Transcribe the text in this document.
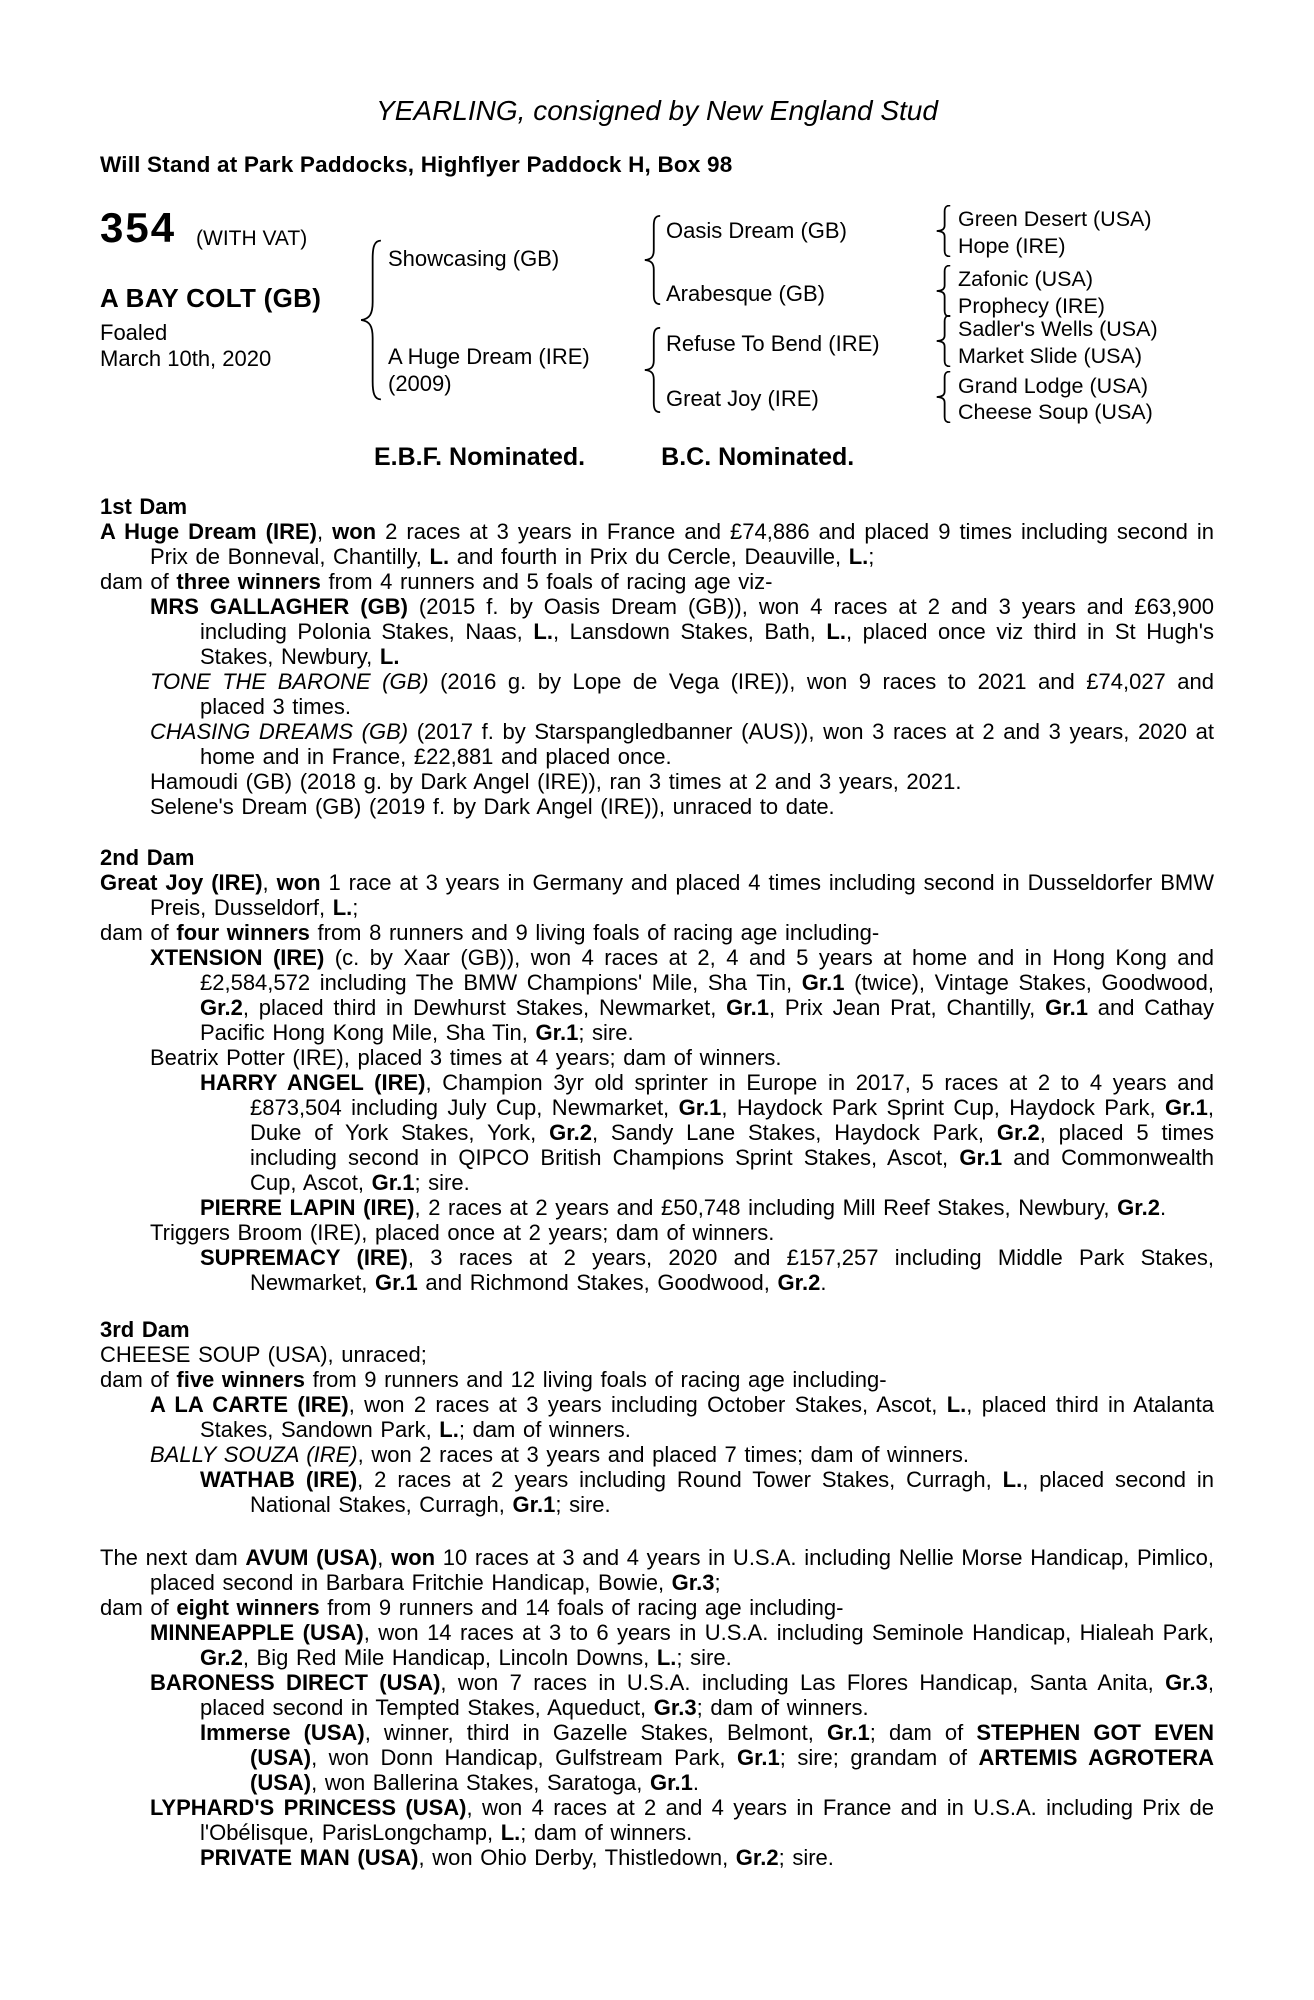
YEARLING, consigned by New England Stud
Will Stand at Park Paddocks, Highflyer Paddock H, Box 98
354 (WITH VAT)
A BAY COLT (GB)
Foaled
March 10th, 2020
Showcasing (GB)
A Huge Dream (IRE)
(2009)
Oasis Dream (GB)
Arabesque (GB)
Refuse To Bend (IRE)
Great Joy (IRE)
Green Desert (USA)
Hope (IRE)
Zafonic (USA)
Prophecy (IRE)
Sadler's Wells (USA)
Market Slide (USA)
Grand Lodge (USA)
Cheese Soup (USA)
E.B.F. Nominated.	B.C. Nominated.
1st Dam

A Huge Dream (IRE), won 2 races at 3 years in France and £74,886 and placed 9 times including second in Prix de Bonneval, Chantilly, L. and fourth in Prix du Cercle, Deauville, L.;

dam of three winners from 4 runners and 5 foals of racing age viz-

MRS GALLAGHER (GB) (2015 f. by Oasis Dream (GB)), won 4 races at 2 and 3 years and £63,900 including Polonia Stakes, Naas, L., Lansdown Stakes, Bath, L., placed once viz third in St Hugh's Stakes, Newbury, L.

TONE THE BARONE (GB) (2016 g. by Lope de Vega (IRE)), won 9 races to 2021 and £74,027 and placed 3 times.

CHASING DREAMS (GB) (2017 f. by Starspangledbanner (AUS)), won 3 races at 2 and 3 years, 2020 at home and in France, £22,881 and placed once.

Hamoudi (GB) (2018 g. by Dark Angel (IRE)), ran 3 times at 2 and 3 years, 2021.

Selene's Dream (GB) (2019 f. by Dark Angel (IRE)), unraced to date.

2nd Dam

Great Joy (IRE), won 1 race at 3 years in Germany and placed 4 times including second in Dusseldorfer BMW Preis, Dusseldorf, L.;

dam of four winners from 8 runners and 9 living foals of racing age including-

XTENSION (IRE) (c. by Xaar (GB)), won 4 races at 2, 4 and 5 years at home and in Hong Kong and £2,584,572 including The BMW Champions' Mile, Sha Tin, Gr.1 (twice), Vintage Stakes, Goodwood, Gr.2, placed third in Dewhurst Stakes, Newmarket, Gr.1, Prix Jean Prat, Chantilly, Gr.1 and Cathay Pacific Hong Kong Mile, Sha Tin, Gr.1; sire.

Beatrix Potter (IRE), placed 3 times at 4 years; dam of winners.

HARRY ANGEL (IRE), Champion 3yr old sprinter in Europe in 2017, 5 races at 2 to 4 years and £873,504 including July Cup, Newmarket, Gr.1, Haydock Park Sprint Cup, Haydock Park, Gr.1, Duke of York Stakes, York, Gr.2, Sandy Lane Stakes, Haydock Park, Gr.2, placed 5 times including second in QIPCO British Champions Sprint Stakes, Ascot, Gr.1 and Commonwealth Cup, Ascot, Gr.1; sire.

PIERRE LAPIN (IRE), 2 races at 2 years and £50,748 including Mill Reef Stakes, Newbury, Gr.2.

Triggers Broom (IRE), placed once at 2 years; dam of winners.

SUPREMACY (IRE), 3 races at 2 years, 2020 and £157,257 including Middle Park Stakes, Newmarket, Gr.1 and Richmond Stakes, Goodwood, Gr.2.

3rd Dam

CHEESE SOUP (USA), unraced;

dam of five winners from 9 runners and 12 living foals of racing age including-

A LA CARTE (IRE), won 2 races at 3 years including October Stakes, Ascot, L., placed third in Atalanta Stakes, Sandown Park, L.; dam of winners.

BALLY SOUZA (IRE), won 2 races at 3 years and placed 7 times; dam of winners.

WATHAB (IRE), 2 races at 2 years including Round Tower Stakes, Curragh, L., placed second in National Stakes, Curragh, Gr.1; sire.

The next dam AVUM (USA), won 10 races at 3 and 4 years in U.S.A. including Nellie Morse Handicap, Pimlico, placed second in Barbara Fritchie Handicap, Bowie, Gr.3;

dam of eight winners from 9 runners and 14 foals of racing age including-

MINNEAPPLE (USA), won 14 races at 3 to 6 years in U.S.A. including Seminole Handicap, Hialeah Park, Gr.2, Big Red Mile Handicap, Lincoln Downs, L.; sire.

BARONESS DIRECT (USA), won 7 races in U.S.A. including Las Flores Handicap, Santa Anita, Gr.3, placed second in Tempted Stakes, Aqueduct, Gr.3; dam of winners.

Immerse (USA), winner, third in Gazelle Stakes, Belmont, Gr.1; dam of STEPHEN GOT EVEN (USA), won Donn Handicap, Gulfstream Park, Gr.1; sire; grandam of ARTEMIS AGROTERA (USA), won Ballerina Stakes, Saratoga, Gr.1.

LYPHARD'S PRINCESS (USA), won 4 races at 2 and 4 years in France and in U.S.A. including Prix de l'Obélisque, ParisLongchamp, L.; dam of winners.

PRIVATE MAN (USA), won Ohio Derby, Thistledown, Gr.2; sire.
